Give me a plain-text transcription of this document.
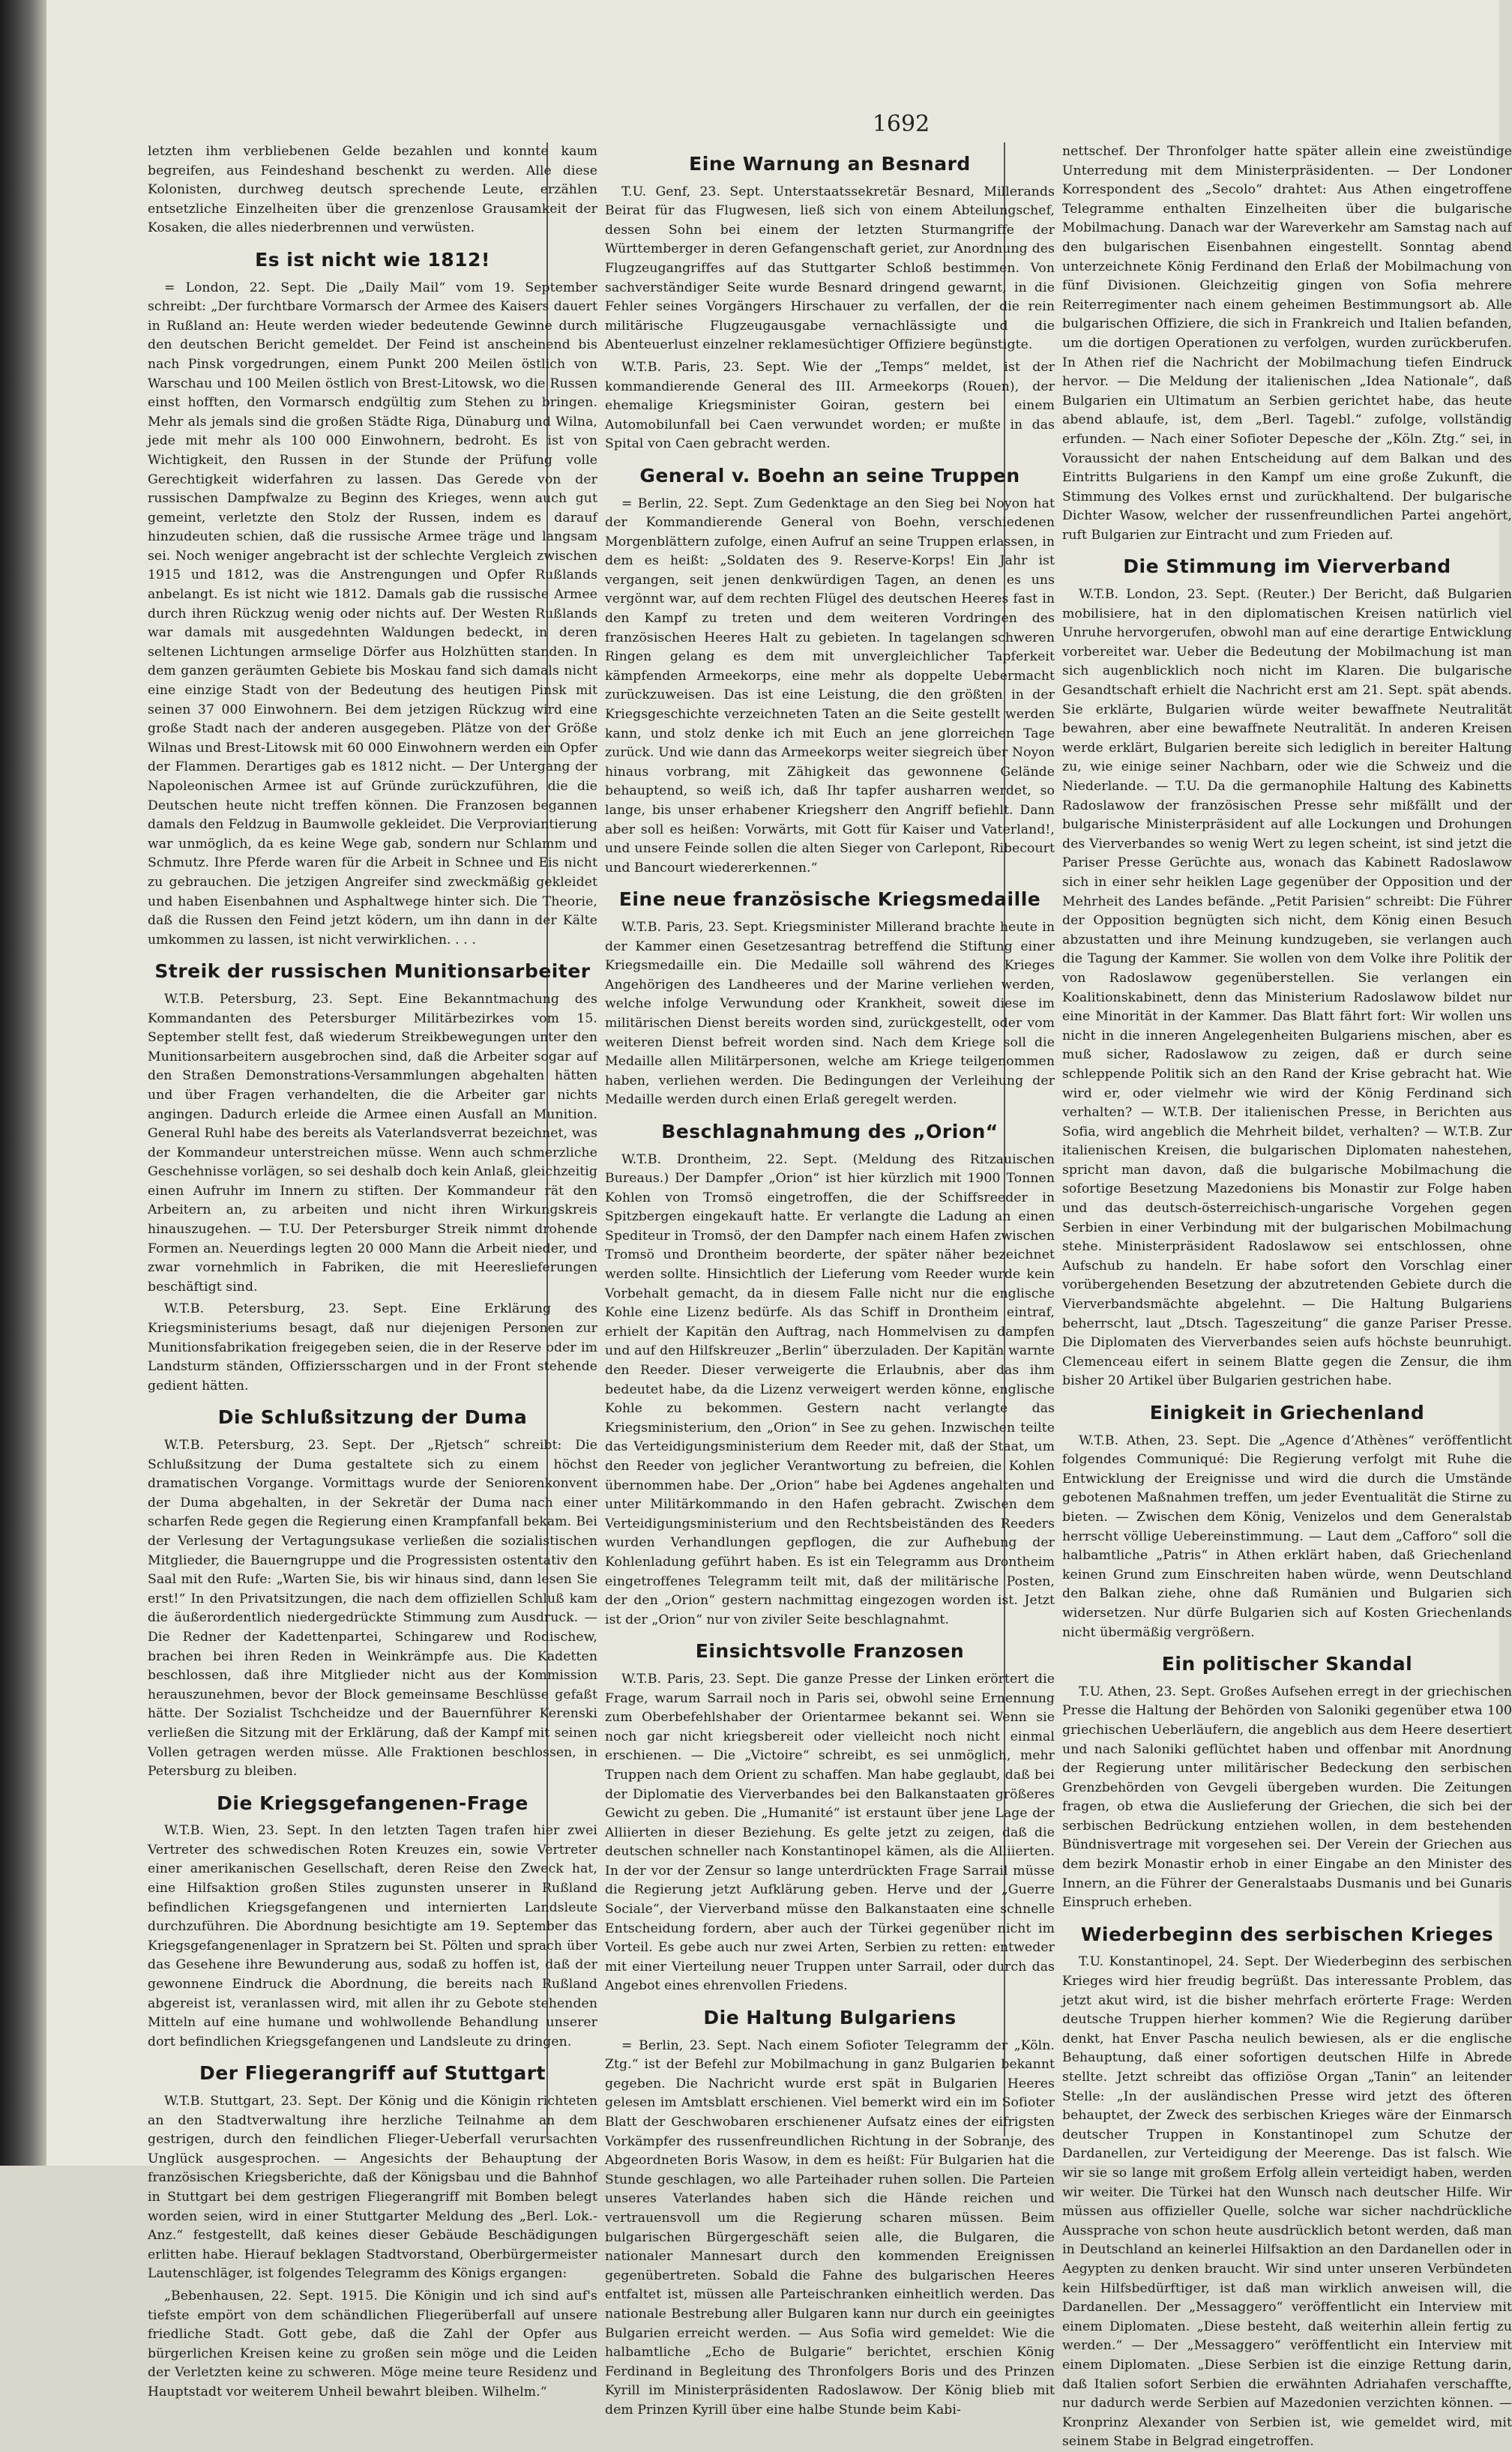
1692

letzten ihm verbliebenen Gelde bezahlen und konnte kaum begreifen, aus Feindeshand beschenkt zu werden. Alle diese Kolonisten, durchweg deutsch sprechende Leute, erzählen entsetzliche Einzelheiten über die grenzenlose Grausamkeit der Kosaken, die alles niederbrennen und verwüsten.

Es ist nicht wie 1812!

= London, 22. Sept. Die „Daily Mail“ vom 19. September schreibt: „Der furchtbare Vormarsch der Armee des Kaisers dauert in Rußland an: Heute werden wieder bedeutende Gewinne durch den deutschen Bericht gemeldet. Der Feind ist anscheinend bis nach Pinsk vorgedrungen, einem Punkt 200 Meilen östlich von Warschau und 100 Meilen östlich von Brest-Litowsk, wo die Russen einst hofften, den Vormarsch endgültig zum Stehen zu bringen. Mehr als jemals sind die großen Städte Riga, Dünaburg und Wilna, jede mit mehr als 100 000 Einwohnern, bedroht. Es ist von Wichtigkeit, den Russen in der Stunde der Prüfung volle Gerechtigkeit widerfahren zu lassen. Das Gerede von der russischen Dampfwalze zu Beginn des Krieges, wenn auch gut gemeint, verletzte den Stolz der Russen, indem es darauf hinzudeuten schien, daß die russische Armee träge und langsam sei. Noch weniger angebracht ist der schlechte Vergleich zwischen 1915 und 1812, was die Anstrengungen und Opfer Rußlands anbelangt. Es ist nicht wie 1812. Damals gab die russische Armee durch ihren Rückzug wenig oder nichts auf. Der Westen Rußlands war damals mit ausgedehnten Waldungen bedeckt, in deren seltenen Lichtungen armselige Dörfer aus Holzhütten standen. In dem ganzen geräumten Gebiete bis Moskau fand sich damals nicht eine einzige Stadt von der Bedeutung des heutigen Pinsk mit seinen 37 000 Einwohnern. Bei dem jetzigen Rückzug wird eine große Stadt nach der anderen ausgegeben. Plätze von der Größe Wilnas und Brest-Litowsk mit 60 000 Einwohnern werden ein Opfer der Flammen. Derartiges gab es 1812 nicht. — Der Untergang der Napoleonischen Armee ist auf Gründe zurückzuführen, die die Deutschen heute nicht treffen können. Die Franzosen begannen damals den Feldzug in Baumwolle gekleidet. Die Verproviantierung war unmöglich, da es keine Wege gab, sondern nur Schlamm und Schmutz. Ihre Pferde waren für die Arbeit in Schnee und Eis nicht zu gebrauchen. Die jetzigen Angreifer sind zweckmäßig gekleidet und haben Eisenbahnen und Asphaltwege hinter sich. Die Theorie, daß die Russen den Feind jetzt ködern, um ihn dann in der Kälte umkommen zu lassen, ist nicht verwirklichen. . . .

Streik der russischen Munitionsarbeiter

W.T.B. Petersburg, 23. Sept. Eine Bekanntmachung des Kommandanten des Petersburger Militärbezirkes vom 15. September stellt fest, daß wiederum Streikbewegungen unter den Munitionsarbeitern ausgebrochen sind, daß die Arbeiter sogar auf den Straßen Demonstrations-Versammlungen abgehalten hätten und über Fragen verhandelten, die die Arbeiter gar nichts angingen. Dadurch erleide die Armee einen Ausfall an Munition. General Ruhl habe des bereits als Vaterlandsverrat bezeichnet, was der Kommandeur unterstreichen müsse. Wenn auch schmerzliche Geschehnisse vorlägen, so sei deshalb doch kein Anlaß, gleichzeitig einen Aufruhr im Innern zu stiften. Der Kommandeur rät den Arbeitern an, zu arbeiten und nicht ihren Wirkungskreis hinauszugehen. — T.U. Der Petersburger Streik nimmt drohende Formen an. Neuerdings legten 20 000 Mann die Arbeit nieder, und zwar vornehmlich in Fabriken, die mit Heereslieferungen beschäftigt sind.

W.T.B. Petersburg, 23. Sept. Eine Erklärung des Kriegsministeriums besagt, daß nur diejenigen Personen zur Munitionsfabrikation freigegeben seien, die in der Reserve oder im Landsturm ständen, Offiziersschargen und in der Front stehende gedient hätten.

Die Schlußsitzung der Duma

W.T.B. Petersburg, 23. Sept. Der „Rjetsch“ schreibt: Die Schlußsitzung der Duma gestaltete sich zu einem höchst dramatischen Vorgange. Vormittags wurde der Seniorenkonvent der Duma abgehalten, in der Sekretär der Duma nach einer scharfen Rede gegen die Regierung einen Krampfanfall bekam. Bei der Verlesung der Vertagungsukase verließen die sozialistischen Mitglieder, die Bauerngruppe und die Progressisten ostentativ den Saal mit den Rufe: „Warten Sie, bis wir hinaus sind, dann lesen Sie erst!“ In den Privatsitzungen, die nach dem offiziellen Schluß kam die äußerordentlich niedergedrückte Stimmung zum Ausdruck. — Die Redner der Kadettenpartei, Schingarew und Rodischew, brachen bei ihren Reden in Weinkrämpfe aus. Die Kadetten beschlossen, daß ihre Mitglieder nicht aus der Kommission herauszunehmen, bevor der Block gemeinsame Beschlüsse gefaßt hätte. Der Sozialist Tschcheidze und der Bauernführer Kerenski verließen die Sitzung mit der Erklärung, daß der Kampf mit seinen Vollen getragen werden müsse. Alle Fraktionen beschlossen, in Petersburg zu bleiben.

Die Kriegsgefangenen-Frage

W.T.B. Wien, 23. Sept. In den letzten Tagen trafen hier zwei Vertreter des schwedischen Roten Kreuzes ein, sowie Vertreter einer amerikanischen Gesellschaft, deren Reise den Zweck hat, eine Hilfsaktion großen Stiles zugunsten unserer in Rußland befindlichen Kriegsgefangenen und internierten Landsleute durchzuführen. Die Abordnung besichtigte am 19. September das Kriegsgefangenenlager in Spratzern bei St. Pölten und sprach über das Gesehene ihre Bewunderung aus, sodaß zu hoffen ist, daß der gewonnene Eindruck die Abordnung, die bereits nach Rußland abgereist ist, veranlassen wird, mit allen ihr zu Gebote stehenden Mitteln auf eine humane und wohlwollende Behandlung unserer dort befindlichen Kriegsgefangenen und Landsleute zu dringen.

Der Fliegerangriff auf Stuttgart

W.T.B. Stuttgart, 23. Sept. Der König und die Königin richteten an den Stadtverwaltung ihre herzliche Teilnahme an dem gestrigen, durch den feindlichen Flieger-Ueberfall verursachten Unglück ausgesprochen. — Angesichts der Behauptung der französischen Kriegsberichte, daß der Königsbau und die Bahnhof in Stuttgart bei dem gestrigen Fliegerangriff mit Bomben belegt worden seien, wird in einer Stuttgarter Meldung des „Berl. Lok.-Anz.“ festgestellt, daß keines dieser Gebäude Beschädigungen erlitten habe. Hierauf beklagen Stadtvorstand, Oberbürgermeister Lautenschläger, ist folgendes Telegramm des Königs ergangen:

„Bebenhausen, 22. Sept. 1915. Die Königin und ich sind auf's tiefste empört von dem schändlichen Fliegerüberfall auf unsere friedliche Stadt. Gott gebe, daß die Zahl der Opfer aus bürgerlichen Kreisen keine zu großen sein möge und die Leiden der Verletzten keine zu schweren. Möge meine teure Residenz und Hauptstadt vor weiterem Unheil bewahrt bleiben. Wilhelm.“

Eine Warnung an Besnard

T.U. Genf, 23. Sept. Unterstaatssekretär Besnard, Millerands Beirat für das Flugwesen, ließ sich von einem Abteilungschef, dessen Sohn bei einem der letzten Sturmangriffe der Württemberger in deren Gefangenschaft geriet, zur Anordnung des Flugzeugangriffes auf das Stuttgarter Schloß bestimmen. Von sachverständiger Seite wurde Besnard dringend gewarnt, in die Fehler seines Vorgängers Hirschauer zu verfallen, der die rein militärische Flugzeugausgabe vernachlässigte und die Abenteuerlust einzelner reklamesüchtiger Offiziere begünstigte.

W.T.B. Paris, 23. Sept. Wie der „Temps“ meldet, ist der kommandierende General des III. Armeekorps (Rouen), der ehemalige Kriegsminister Goiran, gestern bei einem Automobilunfall bei Caen verwundet worden; er mußte in das Spital von Caen gebracht werden.

General v. Boehn an seine Truppen

= Berlin, 22. Sept. Zum Gedenktage an den Sieg bei Noyon hat der Kommandierende General von Boehn, verschiedenen Morgenblättern zufolge, einen Aufruf an seine Truppen erlassen, in dem es heißt: „Soldaten des 9. Reserve-Korps! Ein Jahr ist vergangen, seit jenen denkwürdigen Tagen, an denen es uns vergönnt war, auf dem rechten Flügel des deutschen Heeres fast in den Kampf zu treten und dem weiteren Vordringen des französischen Heeres Halt zu gebieten. In tagelangen schweren Ringen gelang es dem mit unvergleichlicher Tapferkeit kämpfenden Armeekorps, eine mehr als doppelte Uebermacht zurückzuweisen. Das ist eine Leistung, die den größten in der Kriegsgeschichte verzeichneten Taten an die Seite gestellt werden kann, und stolz denke ich mit Euch an jene glorreichen Tage zurück. Und wie dann das Armeekorps weiter siegreich über Noyon hinaus vorbrang, mit Zähigkeit das gewonnene Gelände behauptend, so weiß ich, daß Ihr tapfer ausharren werdet, so lange, bis unser erhabener Kriegsherr den Angriff befiehlt. Dann aber soll es heißen: Vorwärts, mit Gott für Kaiser und Vaterland!, und unsere Feinde sollen die alten Sieger von Carlepont, Ribecourt und Bancourt wiedererkennen.“

Eine neue französische Kriegsmedaille

W.T.B. Paris, 23. Sept. Kriegsminister Millerand brachte heute in der Kammer einen Gesetzesantrag betreffend die Stiftung einer Kriegsmedaille ein. Die Medaille soll während des Krieges Angehörigen des Landheeres und der Marine verliehen werden, welche infolge Verwundung oder Krankheit, soweit diese im militärischen Dienst bereits worden sind, zurückgestellt, oder vom weiteren Dienst befreit worden sind. Nach dem Kriege soll die Medaille allen Militärpersonen, welche am Kriege teilgenommen haben, verliehen werden. Die Bedingungen der Verleihung der Medaille werden durch einen Erlaß geregelt werden.

Beschlagnahmung des „Orion“

W.T.B. Drontheim, 22. Sept. (Meldung des Ritzauischen Bureaus.) Der Dampfer „Orion“ ist hier kürzlich mit 1900 Tonnen Kohlen von Tromsö eingetroffen, die der Schiffsreeder in Spitzbergen eingekauft hatte. Er verlangte die Ladung an einen Spediteur in Tromsö, der den Dampfer nach einem Hafen zwischen Tromsö und Drontheim beorderte, der später näher bezeichnet werden sollte. Hinsichtlich der Lieferung vom Reeder wurde kein Vorbehalt gemacht, da in diesem Falle nicht nur die englische Kohle eine Lizenz bedürfe. Als das Schiff in Drontheim eintraf, erhielt der Kapitän den Auftrag, nach Hommelvisen zu dampfen und auf den Hilfskreuzer „Berlin“ überzuladen. Der Kapitän warnte den Reeder. Dieser verweigerte die Erlaubnis, aber das ihm bedeutet habe, da die Lizenz verweigert werden könne, englische Kohle zu bekommen. Gestern nacht verlangte das Kriegsministerium, den „Orion“ in See zu gehen. Inzwischen teilte das Verteidigungsministerium dem Reeder mit, daß der Staat, um den Reeder von jeglicher Verantwortung zu befreien, die Kohlen übernommen habe. Der „Orion“ habe bei Agdenes angehalten und unter Militärkommando in den Hafen gebracht. Zwischen dem Verteidigungsministerium und den Rechtsbeiständen des Reeders wurden Verhandlungen gepflogen, die zur Aufhebung der Kohlenladung geführt haben. Es ist ein Telegramm aus Drontheim eingetroffenes Telegramm teilt mit, daß der militärische Posten, der den „Orion“ gestern nachmittag eingezogen worden ist. Jetzt ist der „Orion“ nur von ziviler Seite beschlagnahmt.

Einsichtsvolle Franzosen

W.T.B. Paris, 23. Sept. Die ganze Presse der Linken erörtert die Frage, warum Sarrail noch in Paris sei, obwohl seine Ernennung zum Oberbefehlshaber der Orientarmee bekannt sei. Wenn sie noch gar nicht kriegsbereit oder vielleicht noch nicht einmal erschienen. — Die „Victoire“ schreibt, es sei unmöglich, mehr Truppen nach dem Orient zu schaffen. Man habe geglaubt, daß bei der Diplomatie des Vierverbandes bei den Balkanstaaten größeres Gewicht zu geben. Die „Humanité“ ist erstaunt über jene Lage der Alliierten in dieser Beziehung. Es gelte jetzt zu zeigen, daß die deutschen schneller nach Konstantinopel kämen, als die Alliierten. In der vor der Zensur so lange unterdrückten Frage Sarrail müsse die Regierung jetzt Aufklärung geben. Herve und der „Guerre Sociale“, der Vierverband müsse den Balkanstaaten eine schnelle Entscheidung fordern, aber auch der Türkei gegenüber nicht im Vorteil. Es gebe auch nur zwei Arten, Serbien zu retten: entweder mit einer Vierteilung neuer Truppen unter Sarrail, oder durch das Angebot eines ehrenvollen Friedens.

Die Haltung Bulgariens

= Berlin, 23. Sept. Nach einem Sofioter Telegramm der „Köln. Ztg.“ ist der Befehl zur Mobilmachung in ganz Bulgarien bekannt gegeben. Die Nachricht wurde erst spät in Bulgarien Heeres gelesen im Amtsblatt erschienen. Viel bemerkt wird ein im Sofioter Blatt der Geschwobaren erschienener Aufsatz eines der eifrigsten Vorkämpfer des russenfreundlichen Richtung in der Sobranje, des Abgeordneten Boris Wasow, in dem es heißt: Für Bulgarien hat die Stunde geschlagen, wo alle Parteihader ruhen sollen. Die Parteien unseres Vaterlandes haben sich die Hände reichen und vertrauensvoll um die Regierung scharen müssen. Beim bulgarischen Bürgergeschäft seien alle, die Bulgaren, die nationaler Mannesart durch den kommenden Ereignissen gegenübertreten. Sobald die Fahne des bulgarischen Heeres entfaltet ist, müssen alle Parteischranken einheitlich werden. Das nationale Bestrebung aller Bulgaren kann nur durch ein geeinigtes Bulgarien erreicht werden. — Aus Sofia wird gemeldet: Wie die halbamtliche „Echo de Bulgarie“ berichtet, erschien König Ferdinand in Begleitung des Thronfolgers Boris und des Prinzen Kyrill im Ministerpräsidenten Radoslawow. Der König blieb mit dem Prinzen Kyrill über eine halbe Stunde beim Kabi-

nettschef. Der Thronfolger hatte später allein eine zweistündige Unterredung mit dem Ministerpräsidenten. — Der Londoner Korrespondent des „Secolo“ drahtet: Aus Athen eingetroffene Telegramme enthalten Einzelheiten über die bulgarische Mobilmachung. Danach war der Wareverkehr am Samstag nach auf den bulgarischen Eisenbahnen eingestellt. Sonntag abend unterzeichnete König Ferdinand den Erlaß der Mobilmachung von fünf Divisionen. Gleichzeitig gingen von Sofia mehrere Reiterregimenter nach einem geheimen Bestimmungsort ab. Alle bulgarischen Offiziere, die sich in Frankreich und Italien befanden, um die dortigen Operationen zu verfolgen, wurden zurückberufen. In Athen rief die Nachricht der Mobilmachung tiefen Eindruck hervor. — Die Meldung der italienischen „Idea Nationale“, daß Bulgarien ein Ultimatum an Serbien gerichtet habe, das heute abend ablaufe, ist, dem „Berl. Tagebl.“ zufolge, vollständig erfunden. — Nach einer Sofioter Depesche der „Köln. Ztg.“ sei, in Voraussicht der nahen Entscheidung auf dem Balkan und des Eintritts Bulgariens in den Kampf um eine große Zukunft, die Stimmung des Volkes ernst und zurückhaltend. Der bulgarische Dichter Wasow, welcher der russenfreundlichen Partei angehört, ruft Bulgarien zur Eintracht und zum Frieden auf.

Die Stimmung im Vierverband

W.T.B. London, 23. Sept. (Reuter.) Der Bericht, daß Bulgarien mobilisiere, hat in den diplomatischen Kreisen natürlich viel Unruhe hervorgerufen, obwohl man auf eine derartige Entwicklung vorbereitet war. Ueber die Bedeutung der Mobilmachung ist man sich augenblicklich noch nicht im Klaren. Die bulgarische Gesandtschaft erhielt die Nachricht erst am 21. Sept. spät abends. Sie erklärte, Bulgarien würde weiter bewaffnete Neutralität bewahren, aber eine bewaffnete Neutralität. In anderen Kreisen werde erklärt, Bulgarien bereite sich lediglich in bereiter Haltung zu, wie einige seiner Nachbarn, oder wie die Schweiz und die Niederlande. — T.U. Da die germanophile Haltung des Kabinetts Radoslawow der französischen Presse sehr mißfällt und der bulgarische Ministerpräsident auf alle Lockungen und Drohungen des Vierverbandes so wenig Wert zu legen scheint, ist sind jetzt die Pariser Presse Gerüchte aus, wonach das Kabinett Radoslawow sich in einer sehr heiklen Lage gegenüber der Opposition und der Mehrheit des Landes befände. „Petit Parisien“ schreibt: Die Führer der Opposition begnügten sich nicht, dem König einen Besuch abzustatten und ihre Meinung kundzugeben, sie verlangen auch die Tagung der Kammer. Sie wollen von dem Volke ihre Politik der von Radoslawow gegenüberstellen. Sie verlangen ein Koalitionskabinett, denn das Ministerium Radoslawow bildet nur eine Minorität in der Kammer. Das Blatt fährt fort: Wir wollen uns nicht in die inneren Angelegenheiten Bulgariens mischen, aber es muß sicher, Radoslawow zu zeigen, daß er durch seine schleppende Politik sich an den Rand der Krise gebracht hat. Wie wird er, oder vielmehr wie wird der König Ferdinand sich verhalten? — W.T.B. Der italienischen Presse, in Berichten aus Sofia, wird angeblich die Mehrheit bildet, verhalten? — W.T.B. Zur italienischen Kreisen, die bulgarischen Diplomaten nahestehen, spricht man davon, daß die bulgarische Mobilmachung die sofortige Besetzung Mazedoniens bis Monastir zur Folge haben und das deutsch-österreichisch-ungarische Vorgehen gegen Serbien in einer Verbindung mit der bulgarischen Mobilmachung stehe. Ministerpräsident Radoslawow sei entschlossen, ohne Aufschub zu handeln. Er habe sofort den Vorschlag einer vorübergehenden Besetzung der abzutretenden Gebiete durch die Vierverbandsmächte abgelehnt. — Die Haltung Bulgariens beherrscht, laut „Dtsch. Tageszeitung“ die ganze Pariser Presse. Die Diplomaten des Vierverbandes seien aufs höchste beunruhigt. Clemenceau eifert in seinem Blatte gegen die Zensur, die ihm bisher 20 Artikel über Bulgarien gestrichen habe.

Einigkeit in Griechenland

W.T.B. Athen, 23. Sept. Die „Agence d’Athènes“ veröffentlicht folgendes Communiqué: Die Regierung verfolgt mit Ruhe die Entwicklung der Ereignisse und wird die durch die Umstände gebotenen Maßnahmen treffen, um jeder Eventualität die Stirne zu bieten. — Zwischen dem König, Venizelos und dem Generalstab herrscht völlige Uebereinstimmung. — Laut dem „Cafforo“ soll die halbamtliche „Patris“ in Athen erklärt haben, daß Griechenland keinen Grund zum Einschreiten haben würde, wenn Deutschland den Balkan ziehe, ohne daß Rumänien und Bulgarien sich widersetzen. Nur dürfe Bulgarien sich auf Kosten Griechenlands nicht übermäßig vergrößern.

Ein politischer Skandal

T.U. Athen, 23. Sept. Großes Aufsehen erregt in der griechischen Presse die Haltung der Behörden von Saloniki gegenüber etwa 100 griechischen Ueberläufern, die angeblich aus dem Heere desertiert und nach Saloniki geflüchtet haben und offenbar mit Anordnung der Regierung unter militärischer Bedeckung den serbischen Grenzbehörden von Gevgeli übergeben wurden. Die Zeitungen fragen, ob etwa die Auslieferung der Griechen, die sich bei der serbischen Bedrückung entziehen wollen, in dem bestehenden Bündnisvertrage mit vorgesehen sei. Der Verein der Griechen aus dem bezirk Monastir erhob in einer Eingabe an den Minister des Innern, an die Führer der Generalstaabs Dusmanis und bei Gunaris Einspruch erheben.

Wiederbeginn des serbischen Krieges

T.U. Konstantinopel, 24. Sept. Der Wiederbeginn des serbischen Krieges wird hier freudig begrüßt. Das interessante Problem, das jetzt akut wird, ist die bisher mehrfach erörterte Frage: Werden deutsche Truppen hierher kommen? Wie die Regierung darüber denkt, hat Enver Pascha neulich bewiesen, als er die englische Behauptung, daß einer sofortigen deutschen Hilfe in Abrede stellte. Jetzt schreibt das offiziöse Organ „Tanin“ an leitender Stelle: „In der ausländischen Presse wird jetzt des öfteren behauptet, der Zweck des serbischen Krieges wäre der Einmarsch deutscher Truppen in Konstantinopel zum Schutze der Dardanellen, zur Verteidigung der Meerenge. Das ist falsch. Wie wir sie so lange mit großem Erfolg allein verteidigt haben, werden wir weiter. Die Türkei hat den Wunsch nach deutscher Hilfe. Wir müssen aus offizieller Quelle, solche war sicher nachdrückliche Aussprache von schon heute ausdrücklich betont werden, daß man in Deutschland an keinerlei Hilfsaktion an den Dardanellen oder in Aegypten zu denken braucht. Wir sind unter unseren Verbündeten kein Hilfsbedürftiger, ist daß man wirklich anweisen will, die Dardanellen. Der „Messaggero“ veröffentlicht ein Interview mit einem Diplomaten. „Diese besteht, daß weiterhin allein fertig zu werden.“ — Der „Messaggero“ veröffentlicht ein Interview mit einem Diplomaten. „Diese Serbien ist die einzige Rettung darin, daß Italien sofort Serbien die erwähnten Adriahafen verschaffte, nur dadurch werde Serbien auf Mazedonien verzichten können. — Kronprinz Alexander von Serbien ist, wie gemeldet wird, mit seinem Stabe in Belgrad eingetroffen.
